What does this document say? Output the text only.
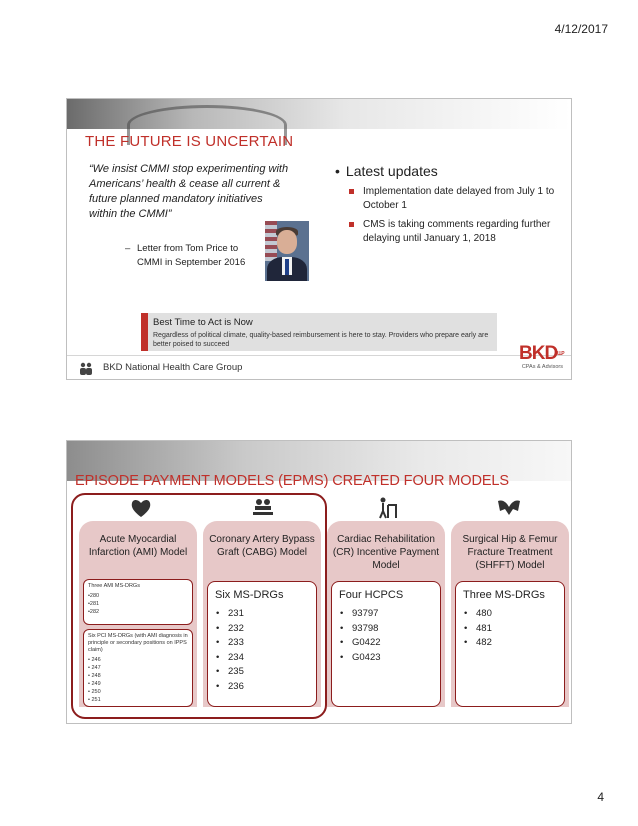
4/12/2017
THE FUTURE IS UNCERTAIN
“We insist CMMI stop experimenting with Americans’ health & cease all current & future planned mandatory initiatives within the CMMI”
– Letter from Tom Price to
CMMI in September 2016
• Latest updates
Implementation date delayed from July 1 to October 1
CMS is taking comments regarding further delaying until January 1, 2018
Best Time to Act is Now
Regardless of political climate, quality-based reimbursement is here to stay. Providers who prepare early are better poised to succeed
BKD National Health Care Group
$BKD^{LLP}$
CPAs & Advisors
EPISODE PAYMENT MODELS (EPMS) CREATED FOUR MODELS
Acute Myocardial Infarction (AMI) Model
Three AMI MS-DRGs
•280
•281
•282
Six PCI MS-DRGs (with AMI diagnosis in principle or secondary positions on IPPS claim)
• 246
• 247
• 248
• 249
• 250
• 251
Coronary Artery Bypass Graft (CABG) Model
Six MS-DRGs
• 231
• 232
• 233
• 234
• 235
• 236
Cardiac Rehabilitation (CR) Incentive Payment Model
Four HCPCS
• 93797
• 93798
• G0422
• G0423
Surgical Hip & Femur Fracture Treatment (SHFFT) Model
Three MS-DRGs
• 480
• 481
• 482
4
